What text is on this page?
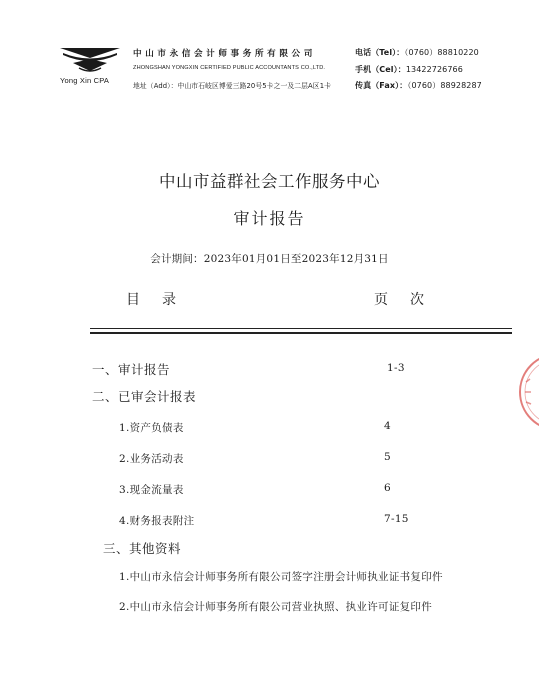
Yong Xin CPA
中山市永信会计师事务所有限公司
ZHONGSHAN YONGXIN CERTIFIED PUBLIC ACCOUNTANTS CO.,LTD.
地址（Add）：中山市石岐区博爱三路20号5卡之一及二层A区1卡
电话（Tel）：（0760）88810220
手机（Cel）：13422726766
传真（Fax）：（0760）88928287
中山市益群社会工作服务中心
审计报告
会计期间：2023年01月01日至2023年12月31日
目录	页次
一、审计报告	1-3
二、已审会计报表
1.资产负债表	4
2.业务活动表	5
3.现金流量表	6
4.财务报表附注	7-15
三、其他资料
1.中山市永信会计师事务所有限公司签字注册会计师执业证书复印件
2.中山市永信会计师事务所有限公司营业执照、执业许可证复印件
